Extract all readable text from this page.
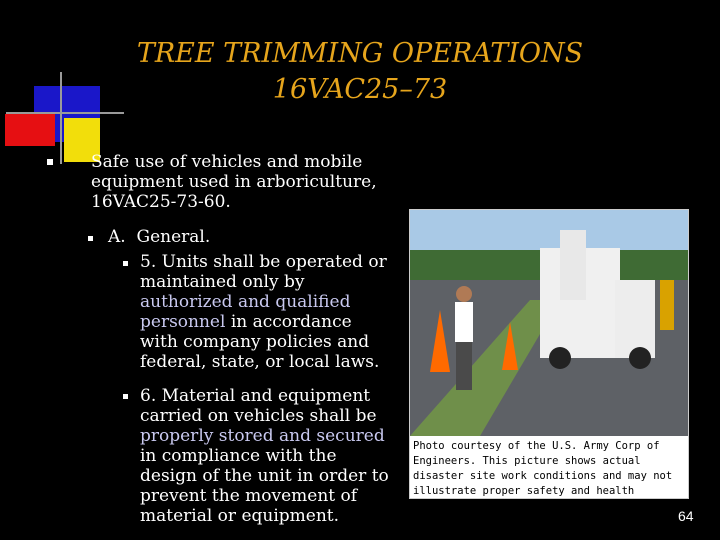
TREE TRIMMING OPERATIONS
16VAC25–73
Safe use of vehicles and mobile equipment used in arboriculture, 16VAC25-73-60.
A.  General.
5. Units shall be operated or maintained only by authorized and qualified personnel in accordance with company policies and federal, state, or local laws.
6. Material and equipment carried on vehicles shall be properly stored and secured in compliance with the design of the unit in order to prevent the movement of material or equipment.
Photo courtesy of the U.S. Army Corp of Engineers. This picture shows actual disaster site work conditions and may not illustrate proper safety and health procedures.
64
